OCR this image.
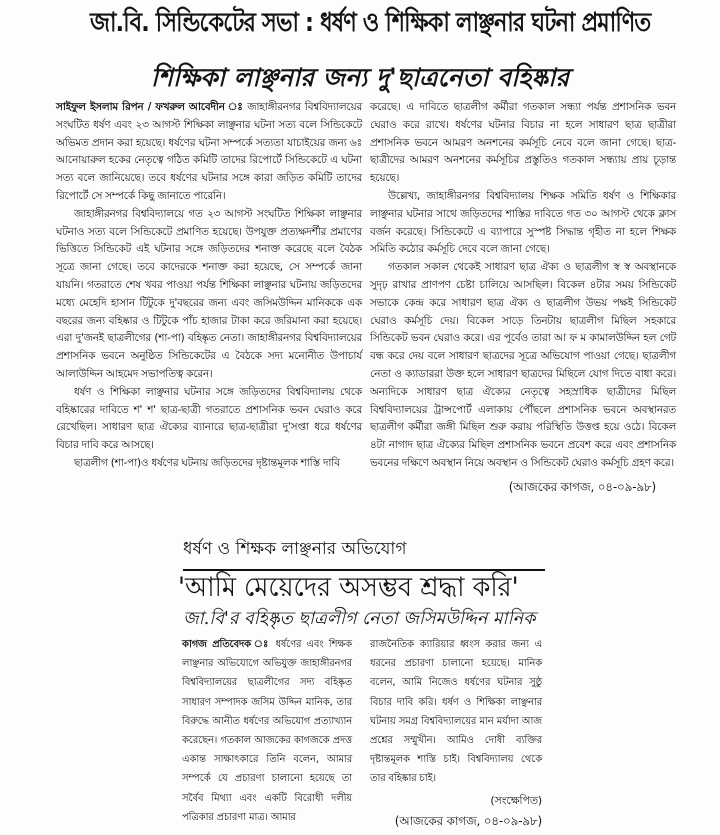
জা.বি. সিন্ডিকেটের সভা : ধর্ষণ ও শিক্ষিকা লাঞ্ছনার ঘটনা প্রমাণিত
শিক্ষিকা লাঞ্ছনার জন্য দু'ছাত্রনেতা বহিষ্কার

সাইফুল ইসলাম রিপন / ফখরুল আবেদীন ঃ জাহাঙ্গীরনগর বিশ্ববিদ্যালয়ের সংঘটিত ধর্ষণ এবং ২৩ আগস্ট শিক্ষিকা লাঞ্ছনার ঘটনা সত্য বলে সিন্ডিকেটে অভিমত প্রদান করা হয়েছে। ধর্ষণের ঘটনা সম্পর্কে সত্যতা যাচাইয়ের জন্য ৬ঃ আনোয়ারুল হকের নেতৃত্বে গঠিত কমিটি তাদের রিপোর্টে সিন্ডিকেটে এ ঘটনা সত্য বলে জানিয়েছে। তবে ধর্ষণের ঘটনার সঙ্গে কারা জড়িত কমিটি তাদের রিপোর্টে সে সম্পর্কে কিছু জানাতে পারেনি।

জাহাঙ্গীরনগর বিশ্ববিদ্যালয়ে গত ২৩ আগস্ট সংঘটিত শিক্ষিকা লাঞ্ছনার ঘটনাও সত্য বলে সিন্ডিকেটে প্রমাণিত হয়েছে। উপযুক্ত প্রত্যক্ষদর্শীর প্রমাণের ভিত্তিতে সিন্ডিকেট এই ঘটনার সঙ্গে জড়িতদের শনাক্ত করেছে বলে বৈঠক সূত্রে জানা গেছে। তবে কাদেরকে শনাক্ত করা হয়েছে, সে সম্পর্কে জানা যায়নি। গতরাতে শেষ খবর পাওয়া পর্যন্ত শিক্ষিকা লাঞ্ছনার ঘটনায় জড়িতদের মধ্যে মেহেদি হাসান টিটুকে দু'বছরের জন্য এবং জসিমউদ্দিন মানিককে এক বছরের জন্য বহিষ্কার ও টিটুকে পাঁচ হাজার টাকা করে জরিমানা করা হয়েছে। এরা দু'জনই ছাত্রলীগের (শা-পা) বহিষ্কৃত নেতা। জাহাঙ্গীরনগর বিশ্ববিদ্যালয়ের প্রশাসনিক ভবনে অনুষ্ঠিত সিন্ডিকেটের এ বৈঠকে সদ্য মনোনীত উপাচার্য আলাউদ্দিন আহমেদ সভাপতিত্ব করেন।

ধর্ষণ ও শিক্ষিকা লাঞ্ছনার ঘটনার সঙ্গে জড়িতদের বিশ্ববিদ্যালয় থেকে বহিষ্কারের দাবিতে শ' শ' ছাত্র-ছাত্রী গতরাতে প্রশাসনিক ভবন ঘেরাও করে রেখেছিল। সাধারণ ছাত্র ঐক্যের ব্যানারে ছাত্র-ছাত্রীরা দু'সপ্তা ধরে ধর্ষণের বিচার দাবি করে আসছে।

ছাত্রলীগ (শা-পা)ও ধর্ষণের ঘটনায় জড়িতদের দৃষ্টান্তমূলক শাস্তি দাবি

করেছে। এ দাবিতে ছাত্রলীগ কর্মীরা গতকাল সন্ধ্যা পর্যন্ত প্রশাসনিক ভবন ঘেরাও করে রাখে। ধর্ষণের ঘটনার বিচার না হলে সাধারণ ছাত্র ছাত্রীরা প্রশাসনিক ভবনে আমরণ অনশনের কর্মসূচি নেবে বলে জানা গেছে। ছাত্র-ছাত্রীদের আমরণ অনশনের কর্মসূচির প্রস্তুতিও গতকাল সন্ধ্যায় প্রায় চূড়ান্ত হয়েছে।

উল্লেখ্য, জাহাঙ্গীরনগর বিশ্ববিদ্যালয় শিক্ষক সমিতি ধর্ষণ ও শিক্ষিকার লাঞ্ছনার ঘটনার সাথে জড়িতদের শাস্তির দাবিতে গত ৩০ আগস্ট থেকে ক্লাস বর্জন করেছে। সিন্ডিকেটে এ ব্যাপারে সুস্পষ্ট সিদ্ধান্ত গৃহীত না হলে শিক্ষক সমিতি কঠোর কর্মসূচি দেবে বলে জানা গেছে।

গতকাল সকাল থেকেই সাধারণ ছাত্র ঐক্য ও ছাত্রলীগ স্ব স্ব অবস্থানকে সুদৃঢ় রাখার প্রাণপণ চেষ্টা চালিয়ে আসছিল। বিকেল ৪টার সময় সিন্ডিকেট সভাকে কেন্দ্র করে সাধারণ ছাত্র ঐক্য ও ছাত্রলীগ উভয় পক্ষই সিন্ডিকেট ঘেরাও কর্মসূচি দেয়। বিকেল সাড়ে তিনটায় ছাত্রলীগ মিছিল সহকারে সিন্ডিকেট ভবন ঘেরাও করে। এর পূর্বেও তারা আ ফ ম কামালউদ্দিন হল গেট বন্ধ করে দেয় বলে সাধারণ ছাত্রদের সূত্রে অভিযোগ পাওয়া গেছে। ছাত্রলীগ নেতা ও ক্যাডাররা উক্ত হলে সাধারণ ছাত্রদের মিছিলে যোগ দিতে বাধা করে। অন্যদিকে সাধারণ ছাত্র ঐক্যের নেতৃত্বে সহস্রাধিক ছাত্রীদের মিছিল বিশ্ববিদ্যালয়ের ট্রান্সপোর্ট এলাকায় পৌঁছলে প্রশাসনিক ভবনে অবস্থানরত ছাত্রলীগ কর্মীরা জঙ্গী মিছিল শুরু করায় পরিস্থিতি উত্তপ্ত হয়ে ওঠে। বিকেল ৪টা নাগাদ ছাত্র ঐক্যের মিছিল প্রশাসনিক ভবনে প্রবেশ করে এবং প্রশাসনিক ভবনের দক্ষিণে অবস্থান নিয়ে অবস্থান ও সিন্ডিকেট ঘেরাও কর্মসূচি গ্রহণ করে।

(আজকের কাগজ, ০৪-০৯-৯৮)
ধর্ষণ ও শিক্ষক লাঞ্ছনার অভিযোগ
'আমি মেয়েদের অসম্ভব শ্রদ্ধা করি'
জা.বি'র বহিষ্কৃত ছাত্রলীগ নেতা জসিমউদ্দিন মানিক

কাগজ প্রতিবেদক ঃ ধর্ষণের এবং শিক্ষক লাঞ্ছনার অভিযোগে অভিযুক্ত জাহাঙ্গীরনগর বিশ্ববিদ্যালয়ের ছাত্রলীগের সদ্য বহিষ্কৃত সাধারণ সম্পাদক জসিম উদ্দিন মানিক, তার বিরুদ্ধে আনীত ধর্ষণের অভিযোগ প্রত্যাখ্যান করেছেন। গতকাল আজকের কাগজকে প্রদত্ত একান্ত সাক্ষাৎকারে তিনি বলেন, আমার সম্পর্কে যে প্রচারণা চালানো হয়েছে তা সর্বৈব মিথ্যা এবং একটি বিরোধী দলীয় পত্রিকার প্রচারণা মাত্র। আমার

রাজনৈতিক ক্যারিয়ার ধ্বংস করার জন্য এ ধরনের প্রচারণা চালানো হয়েছে। মানিক বলেন, আমি নিজেও ধর্ষণের ঘটনার সুষ্ঠু বিচার দাবি করি। ধর্ষণ ও শিক্ষিকা লাঞ্ছনার ঘটনায় সমগ্র বিশ্ববিদ্যালয়ের মান মর্যাদা আজ প্রশ্নের সম্মুখীন। আমিও দোষী ব্যক্তির দৃষ্টান্তমূলক শাস্তি চাই। বিশ্ববিদ্যালয় থেকে তার বহিষ্কার চাই।

(সংক্ষেপিত)
(আজকের কাগজ, ০৪-০৯-৯৮)
